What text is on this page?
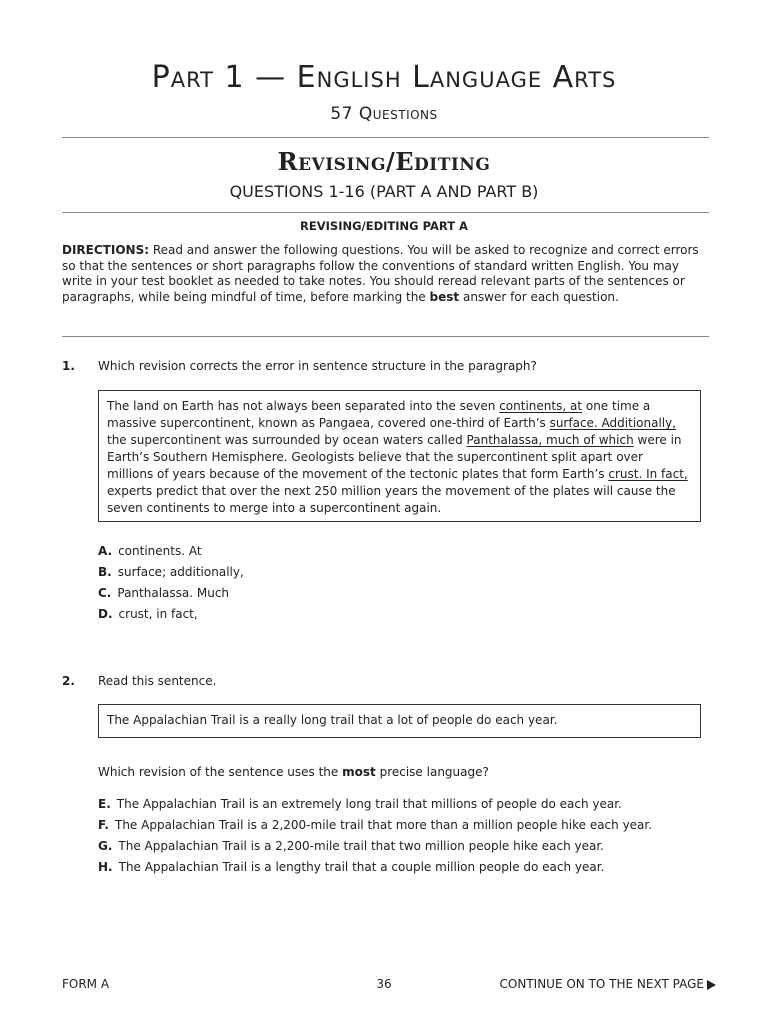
Part 1 — English Language Arts
57 Questions
Revising/Editing
QUESTIONS 1-16 (PART A AND PART B)
REVISING/EDITING PART A
DIRECTIONS: Read and answer the following questions. You will be asked to recognize and correct errors so that the sentences or short paragraphs follow the conventions of standard written English. You may write in your test booklet as needed to take notes. You should reread relevant parts of the sentences or paragraphs, while being mindful of time, before marking the best answer for each question.
1. Which revision corrects the error in sentence structure in the paragraph?
The land on Earth has not always been separated into the seven continents, at one time a massive supercontinent, known as Pangaea, covered one-third of Earth’s surface. Additionally, the supercontinent was surrounded by ocean waters called Panthalassa, much of which were in Earth’s Southern Hemisphere. Geologists believe that the supercontinent split apart over millions of years because of the movement of the tectonic plates that form Earth’s crust. In fact, experts predict that over the next 250 million years the movement of the plates will cause the seven continents to merge into a supercontinent again.
A. continents. At
B. surface; additionally,
C. Panthalassa. Much
D. crust, in fact,
2. Read this sentence.
The Appalachian Trail is a really long trail that a lot of people do each year.
Which revision of the sentence uses the most precise language?
E. The Appalachian Trail is an extremely long trail that millions of people do each year.
F. The Appalachian Trail is a 2,200-mile trail that more than a million people hike each year.
G. The Appalachian Trail is a 2,200-mile trail that two million people hike each year.
H. The Appalachian Trail is a lengthy trail that a couple million people do each year.
FORM A	36	CONTINUE ON TO THE NEXT PAGE
